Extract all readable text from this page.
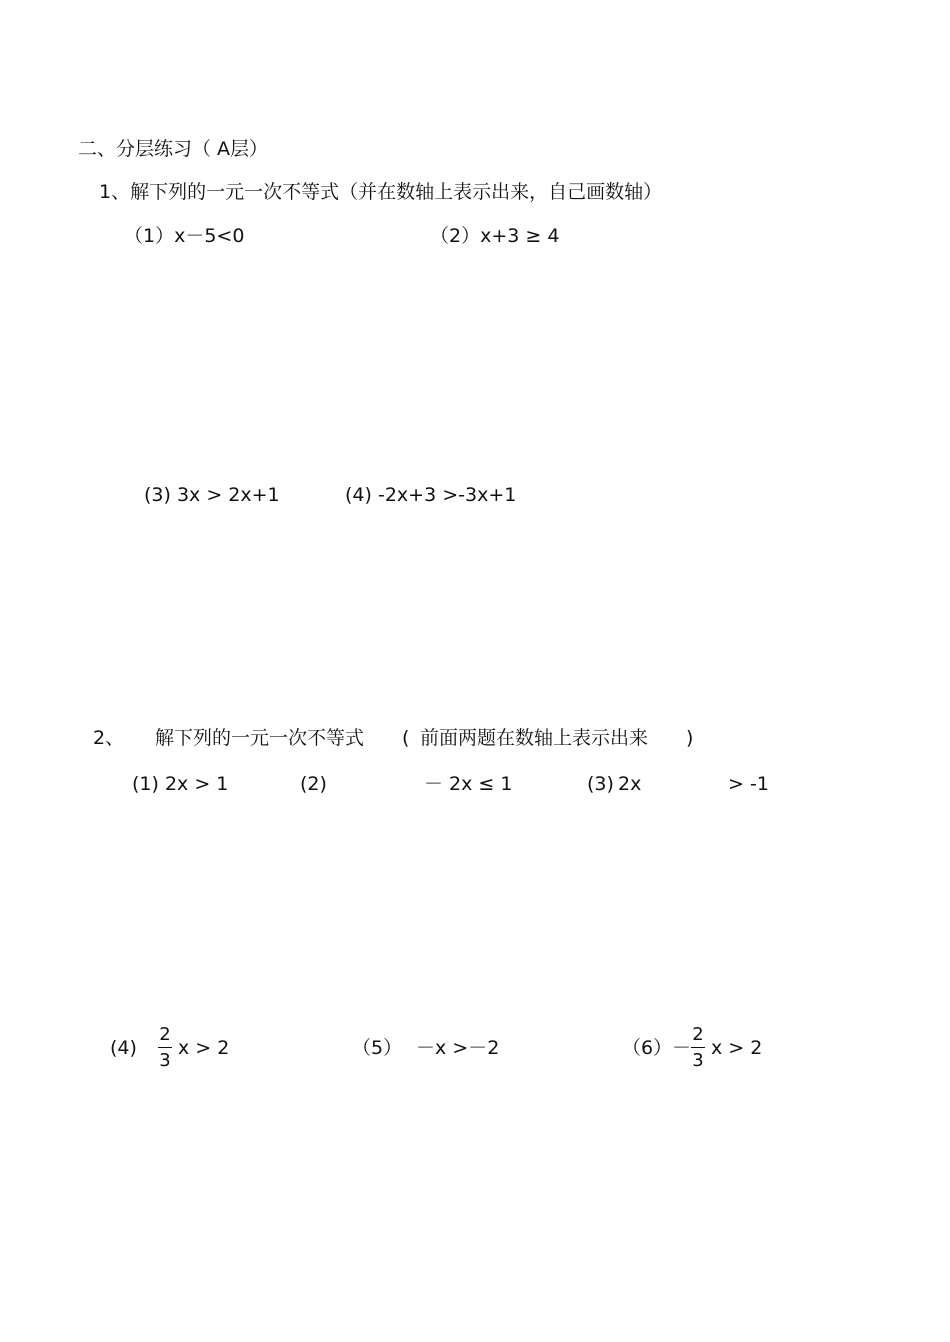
二、分层练习（ A层）
1、解下列的一元一次不等式（并在数轴上表示出来，自己画数轴）
（1）x－5<0	（2）x+3 ≥ 4
(3) 3x > 2x+1	(4) -2x+3 >-3x+1
2、 解下列的一元一次不等式 ( 前面两题在数轴上表示出来 )
(1) 2x > 1	(2)	－ 2x ≤ 1	(3) 2x	> -1
(4)
2
3
x > 2	（5） －x >－2	（6） －
2
3
x > 2
